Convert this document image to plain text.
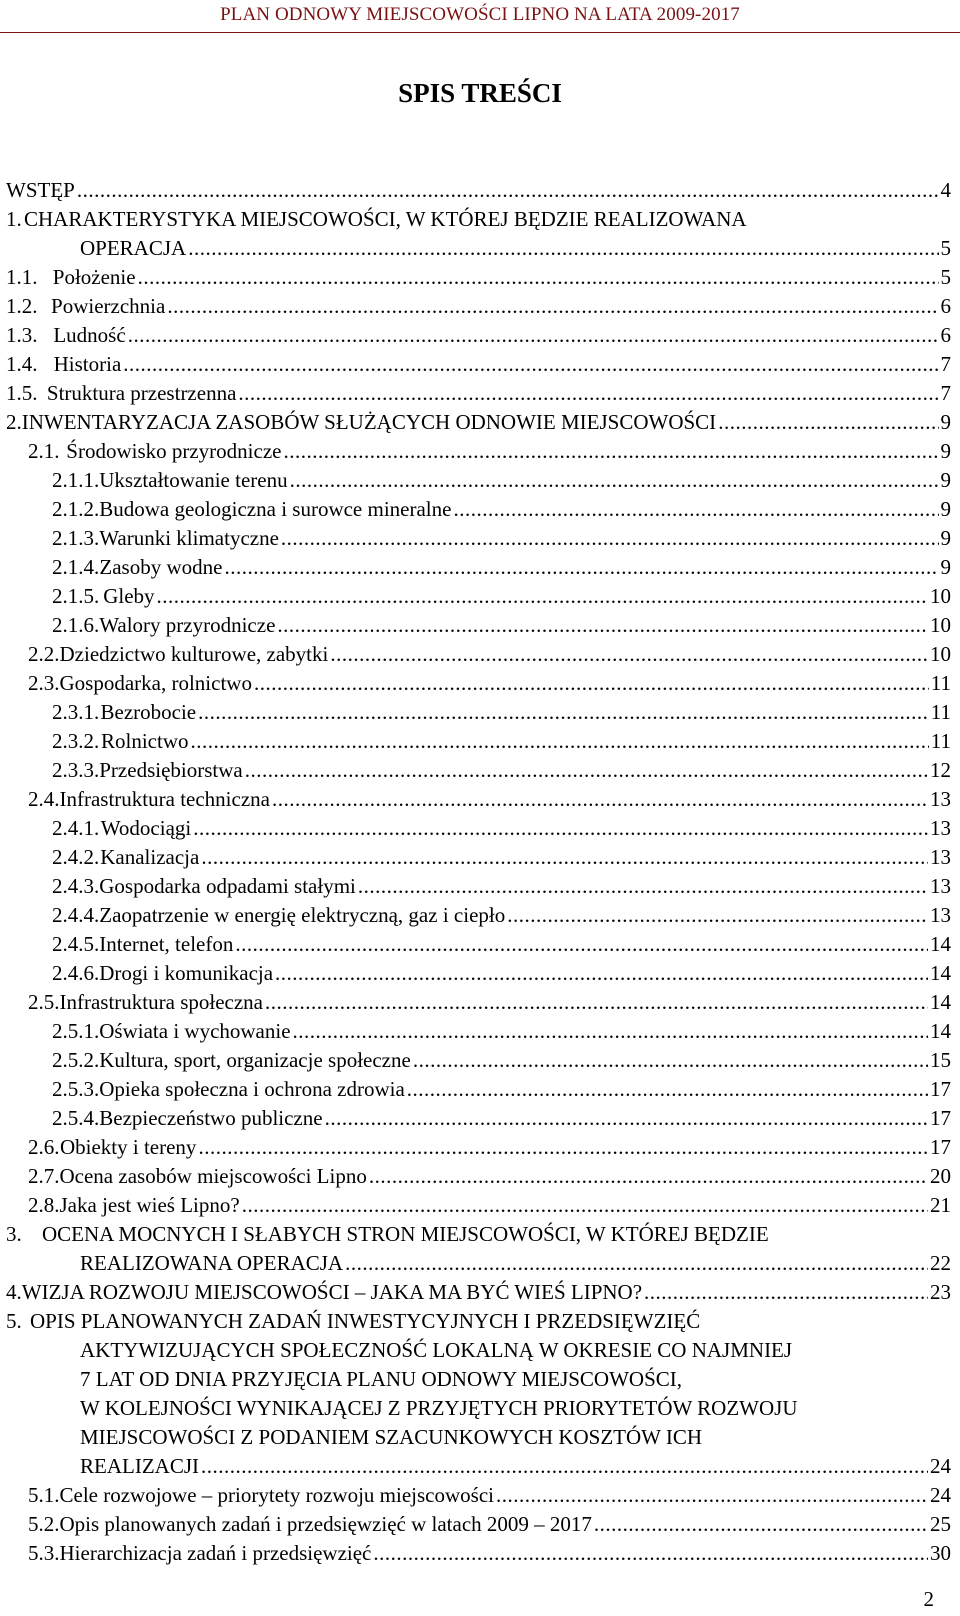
PLAN ODNOWY MIEJSCOWOŚCI LIPNO NA LATA 2009-2017
SPIS TREŚCI
WSTĘP .....	4
1. CHARAKTERYSTYKA MIEJSCOWOŚCI, W KTÓREJ BĘDZIE REALIZOWANA
OPERACJA .....	5
1.1. Położenie .....	5
1.2. Powierzchnia .....	6
1.3. Ludność .....	6
1.4. Historia .....	7
1.5. Struktura przestrzenna .....	7
2. INWENTARYZACJA ZASOBÓW SŁUŻĄCYCH ODNOWIE MIEJSCOWOŚCI .....	9
2.1. Środowisko przyrodnicze .....	9
2.1.1. Ukształtowanie terenu .....	9
2.1.2. Budowa geologiczna i surowce mineralne .....	9
2.1.3. Warunki klimatyczne .....	9
2.1.4. Zasoby wodne .....	9
2.1.5. Gleby .....	10
2.1.6. Walory przyrodnicze .....	10
2.2. Dziedzictwo kulturowe, zabytki .....	10
2.3. Gospodarka, rolnictwo .....	11
2.3.1. Bezrobocie .....	11
2.3.2. Rolnictwo .....	11
2.3.3. Przedsiębiorstwa .....	12
2.4. Infrastruktura techniczna .....	13
2.4.1. Wodociągi .....	13
2.4.2. Kanalizacja .....	13
2.4.3. Gospodarka odpadami stałymi .....	13
2.4.4. Zaopatrzenie w energię elektryczną, gaz i ciepło .....	13
2.4.5. Internet, telefon .....	14
2.4.6. Drogi i komunikacja .....	14
2.5. Infrastruktura społeczna .....	14
2.5.1. Oświata i wychowanie .....	14
2.5.2. Kultura, sport, organizacje społeczne .....	15
2.5.3. Opieka społeczna i ochrona zdrowia .....	17
2.5.4. Bezpieczeństwo publiczne .....	17
2.6. Obiekty i tereny .....	17
2.7. Ocena zasobów miejscowości Lipno .....	20
2.8. Jaka jest wieś Lipno? .....	21
3. OCENA MOCNYCH I SŁABYCH STRON MIEJSCOWOŚCI, W KTÓREJ BĘDZIE
REALIZOWANA OPERACJA .....	22
4. WIZJA ROZWOJU MIEJSCOWOŚCI – JAKA MA BYĆ WIEŚ LIPNO? .....	23
5. OPIS PLANOWANYCH ZADAŃ INWESTYCYJNYCH I PRZEDSIĘWZIĘĆ
AKTYWIZUJĄCYCH SPOŁECZNOŚĆ LOKALNĄ W OKRESIE CO NAJMNIEJ
7 LAT OD DNIA PRZYJĘCIA PLANU ODNOWY MIEJSCOWOŚCI,
W KOLEJNOŚCI WYNIKAJĄCEJ Z PRZYJĘTYCH PRIORYTETÓW ROZWOJU
MIEJSCOWOŚCI Z PODANIEM SZACUNKOWYCH KOSZTÓW ICH
REALIZACJI .....	24
5.1. Cele rozwojowe – priorytety rozwoju miejscowości .....	24
5.2. Opis planowanych zadań i przedsięwzięć w latach 2009 – 2017 .....	25
5.3. Hierarchizacja zadań i przedsięwzięć .....	30
2
